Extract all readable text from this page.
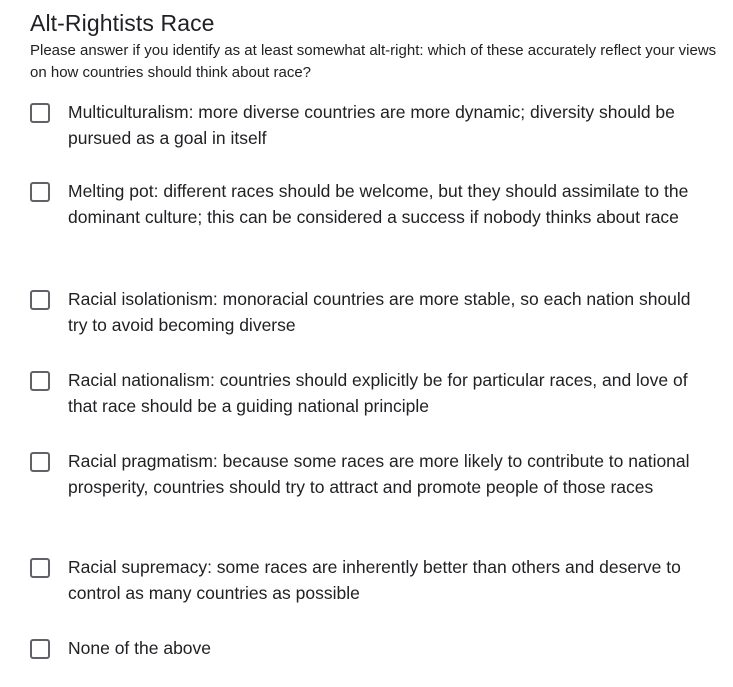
Alt-Rightists Race

Please answer if you identify as at least somewhat alt-right: which of these accurately reflect your views on how countries should think about race?

Multiculturalism: more diverse countries are more dynamic; diversity should be pursued as a goal in itself
Melting pot: different races should be welcome, but they should assimilate to the dominant culture; this can be considered a success if nobody thinks about race
Racial isolationism: monoracial countries are more stable, so each nation should try to avoid becoming diverse
Racial nationalism: countries should explicitly be for particular races, and love of that race should be a guiding national principle
Racial pragmatism: because some races are more likely to contribute to national prosperity, countries should try to attract and promote people of those races
Racial supremacy: some races are inherently better than others and deserve to control as many countries as possible
None of the above
